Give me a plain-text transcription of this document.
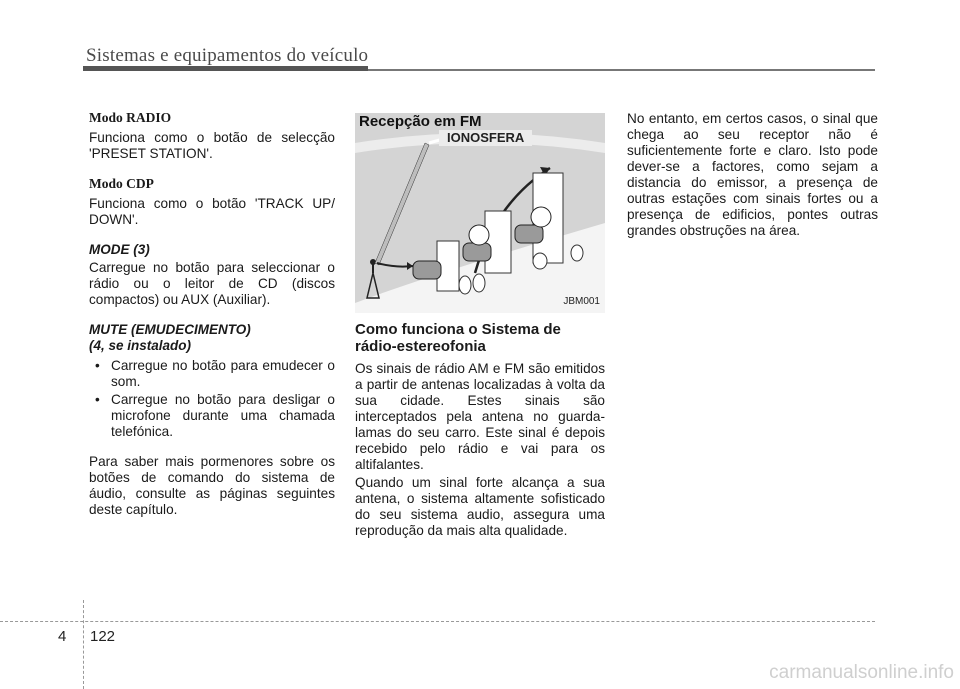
Sistemas e equipamentos do veículo
Modo RADIO

Funciona como o botão de selecção 'PRESET STATION'.

Modo CDP

Funciona como o botão 'TRACK UP/ DOWN'.

MODE (3)

Carregue no botão para seleccionar o rádio ou o leitor de CD (discos compactos) ou AUX (Auxiliar).

MUTE (EMUDECIMENTO)
(4, se instalado)
• Carregue no botão para emudecer o som.
• Carregue no botão para desligar o microfone durante uma chamada telefónica.

Para saber mais pormenores sobre os botões de comando do sistema de áudio, consulte as páginas seguintes deste capítulo.

Recepção em FM
IONOSFERA
JBM001
Como funciona o Sistema de rádio-estereofonia

Os sinais de rádio AM e FM são emitidos a partir de antenas localizadas à volta da sua cidade. Estes sinais são interceptados pela antena no guarda-lamas do seu carro. Este sinal é depois recebido pelo rádio e vai para os altifalantes.

Quando um sinal forte alcança a sua antena, o sistema altamente sofisticado do seu sistema audio, assegura uma reprodução da mais alta qualidade.

No entanto, em certos casos, o sinal que chega ao seu receptor não é suficientemente forte e claro. Isto pode dever-se a factores, como sejam a distancia do emissor, a presença de outras estações com sinais fortes ou a presença de edificios, pontes outras grandes obstruções na área.

4 122
carmanualsonline.info
